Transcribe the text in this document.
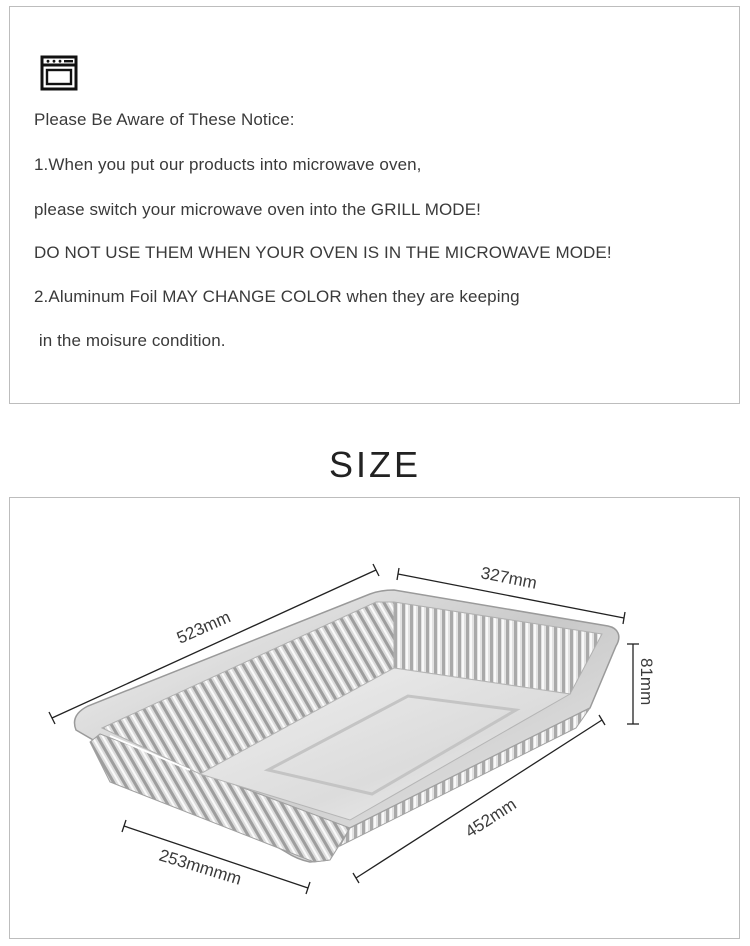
Please Be Aware of These Notice:
1.When you put our products into microwave oven,
please switch your microwave oven into the GRILL MODE!
DO NOT USE THEM WHEN YOUR OVEN IS IN THE MICROWAVE MODE!
2.Aluminum Foil MAY CHANGE COLOR when they are keeping
in the moisure condition.
SIZE
523mm
327mm
81mm
452mm
253mmmm
